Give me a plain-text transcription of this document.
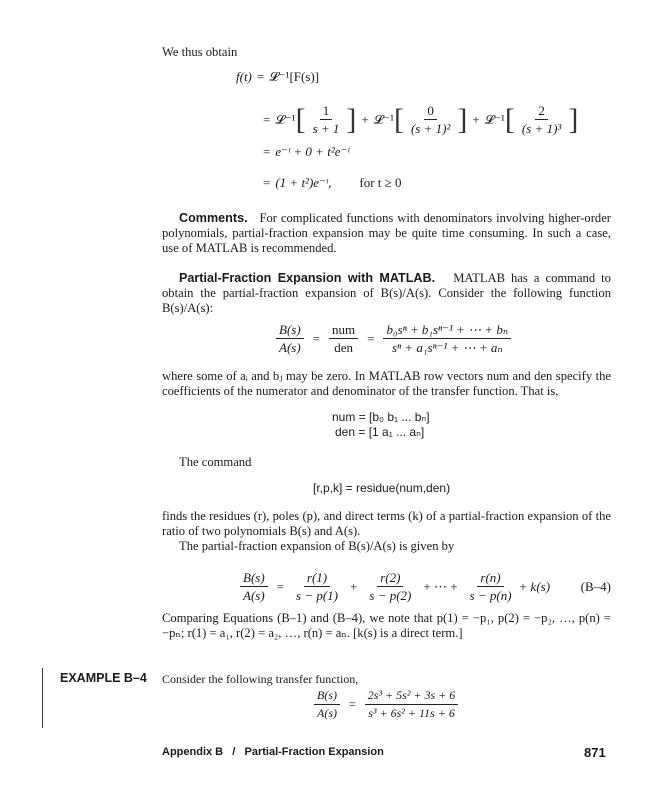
We thus obtain
f(t) = 𝓛⁻¹[F(s)]
= 𝓛⁻¹ [ $\frac{1}{s + 1}$ ] + 𝓛⁻¹ [ $\frac{0}{\text{(s + 1)²}}$ ] + 𝓛⁻¹ [ $\frac{2}{\text{(s + 1)³}}$ ]
= e⁻ᵗ + 0 + t²e⁻ᵗ
= (1 + t²)e⁻ᵗ, for t ≥ 0
Comments. For complicated functions with denominators involving higher-order polynomials, partial-fraction expansion may be quite time consuming. In such a case, use of MATLAB is recommended.
Partial-Fraction Expansion with MATLAB. MATLAB has a command to obtain the partial-fraction expansion of B(s)/A(s). Consider the following function B(s)/A(s):
$\frac{B(s)}{A(s)} = \frac{\text{num}}{\text{den}} = \frac{\text{b₀sⁿ + b₁sⁿ⁻¹ + ⋯ + bₙ}}{\text{sⁿ + a₁sⁿ⁻¹ + ⋯ + aₙ}}$
where some of aᵢ and bⱼ may be zero. In MATLAB row vectors num and den specify the coefficients of the numerator and denominator of the transfer function. That is,
num = [b₀ b₁ ... bₙ]
den = [1 a₁ ... aₙ]
The command
[r,p,k] = residue(num,den)
finds the residues (r), poles (p), and direct terms (k) of a partial-fraction expansion of the ratio of two polynomials B(s) and A(s).
The partial-fraction expansion of B(s)/A(s) is given by
$\frac{B(s)}{A(s)} = \frac{r(1)}{s - p(1)} + \frac{r(2)}{s - p(2)}$ + ⋯ + $\frac{r(n)}{s - p(n)} + k(s)$ (B–4)
Comparing Equations (B–1) and (B–4), we note that p(1) = −p₁, p(2) = −p₂, …, p(n) = −pₙ; r(1) = a₁, r(2) = a₂, …, r(n) = aₙ. [k(s) is a direct term.]
EXAMPLE B–4 Consider the following transfer function,
$\frac{B(s)}{A(s)} = \frac{\text{2s³ + 5s² + 3s + 6}}{\text{s³ + 6s² + 11s + 6}}$
Appendix B   /   Partial-Fraction Expansion	871
